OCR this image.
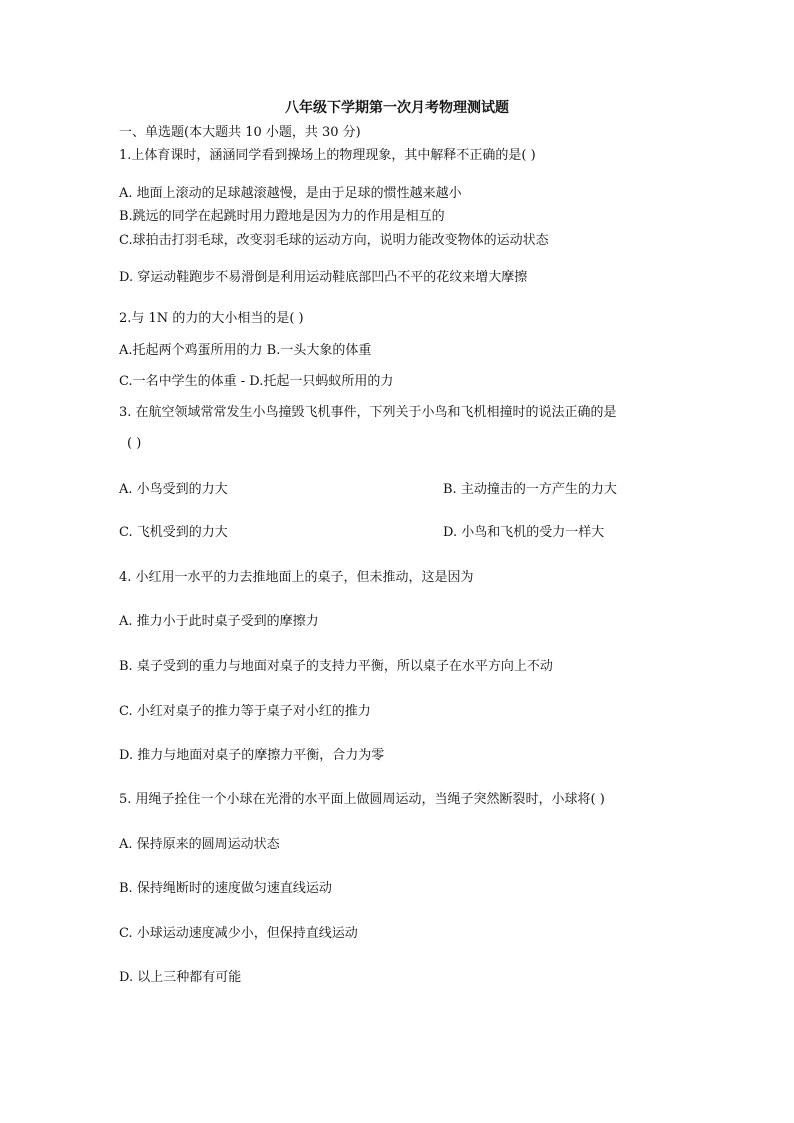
八年级下学期第一次月考物理测试题
一、单选题(本大题共 10 小题，共 30 分)
1.上体育课时，涵涵同学看到操场上的物理现象，其中解释不正确的是( )
A. 地面上滚动的足球越滚越慢，是由于足球的惯性越来越小
B.跳远的同学在起跳时用力蹬地是因为力的作用是相互的
C.球拍击打羽毛球，改变羽毛球的运动方向，说明力能改变物体的运动状态
D. 穿运动鞋跑步不易滑倒是利用运动鞋底部凹凸不平的花纹来增大摩擦
2.与 1N 的力的大小相当的是( )
A.托起两个鸡蛋所用的力 B.一头大象的体重
C.一名中学生的体重 - D.托起一只蚂蚁所用的力
3. 在航空领域常常发生小鸟撞毁飞机事件，下列关于小鸟和飞机相撞时的说法正确的是
( )
A. 小鸟受到的力大	B. 主动撞击的一方产生的力大
C. 飞机受到的力大	D. 小鸟和飞机的受力一样大
4. 小红用一水平的力去推地面上的桌子，但未推动，这是因为
A. 推力小于此时桌子受到的摩擦力
B. 桌子受到的重力与地面对桌子的支持力平衡，所以桌子在水平方向上不动
C. 小红对桌子的推力等于桌子对小红的推力
D. 推力与地面对桌子的摩擦力平衡，合力为零
5. 用绳子拴住一个小球在光滑的水平面上做圆周运动，当绳子突然断裂时，小球将( )
A. 保持原来的圆周运动状态
B. 保持绳断时的速度做匀速直线运动
C. 小球运动速度减少小，但保持直线运动
D. 以上三种都有可能
